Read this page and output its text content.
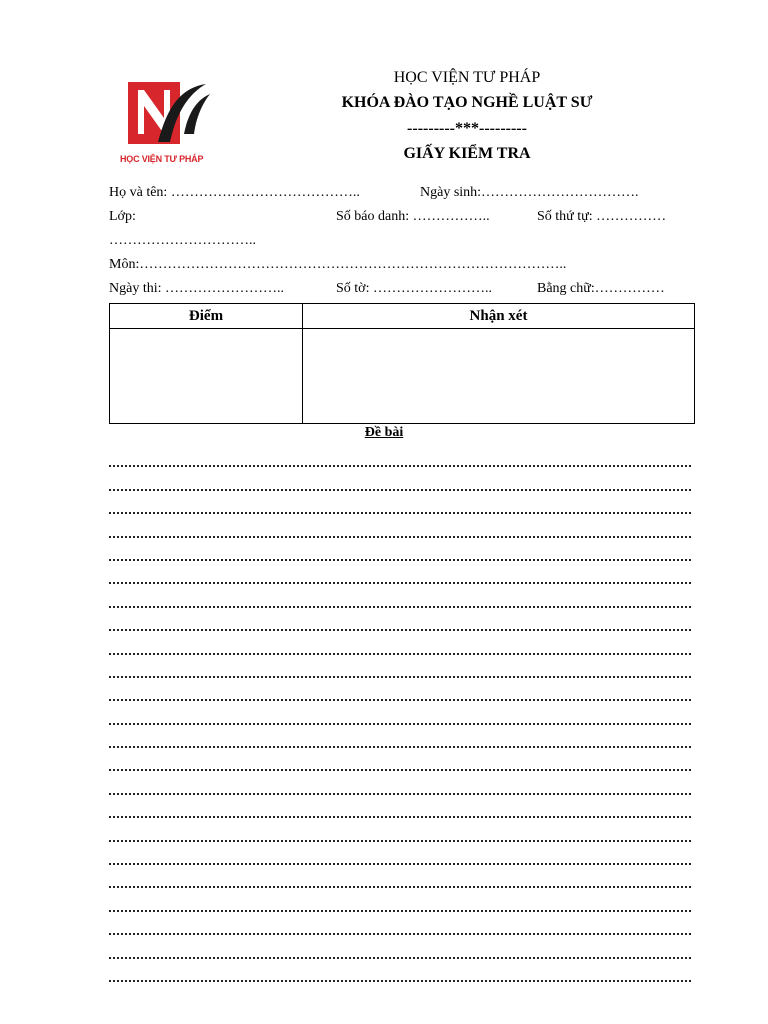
HỌC VIỆN TƯ PHÁP
HỌC VIỆN TƯ PHÁP
KHÓA ĐÀO TẠO NGHỀ LUẬT SƯ
---------***---------
GIẤY KIỂM TRA
Họ và tên: …………………………………..	Ngày sinh:…………………………….
Lớp:	Số báo danh: ……………..	Số thứ tự: ……………
…………………………..
Môn:………………………………………………………………………………..
Ngày thi: ……………………..	Số tờ: ……………………..	Bằng chữ:……………
Điểm	Nhận xét

Đề bài
